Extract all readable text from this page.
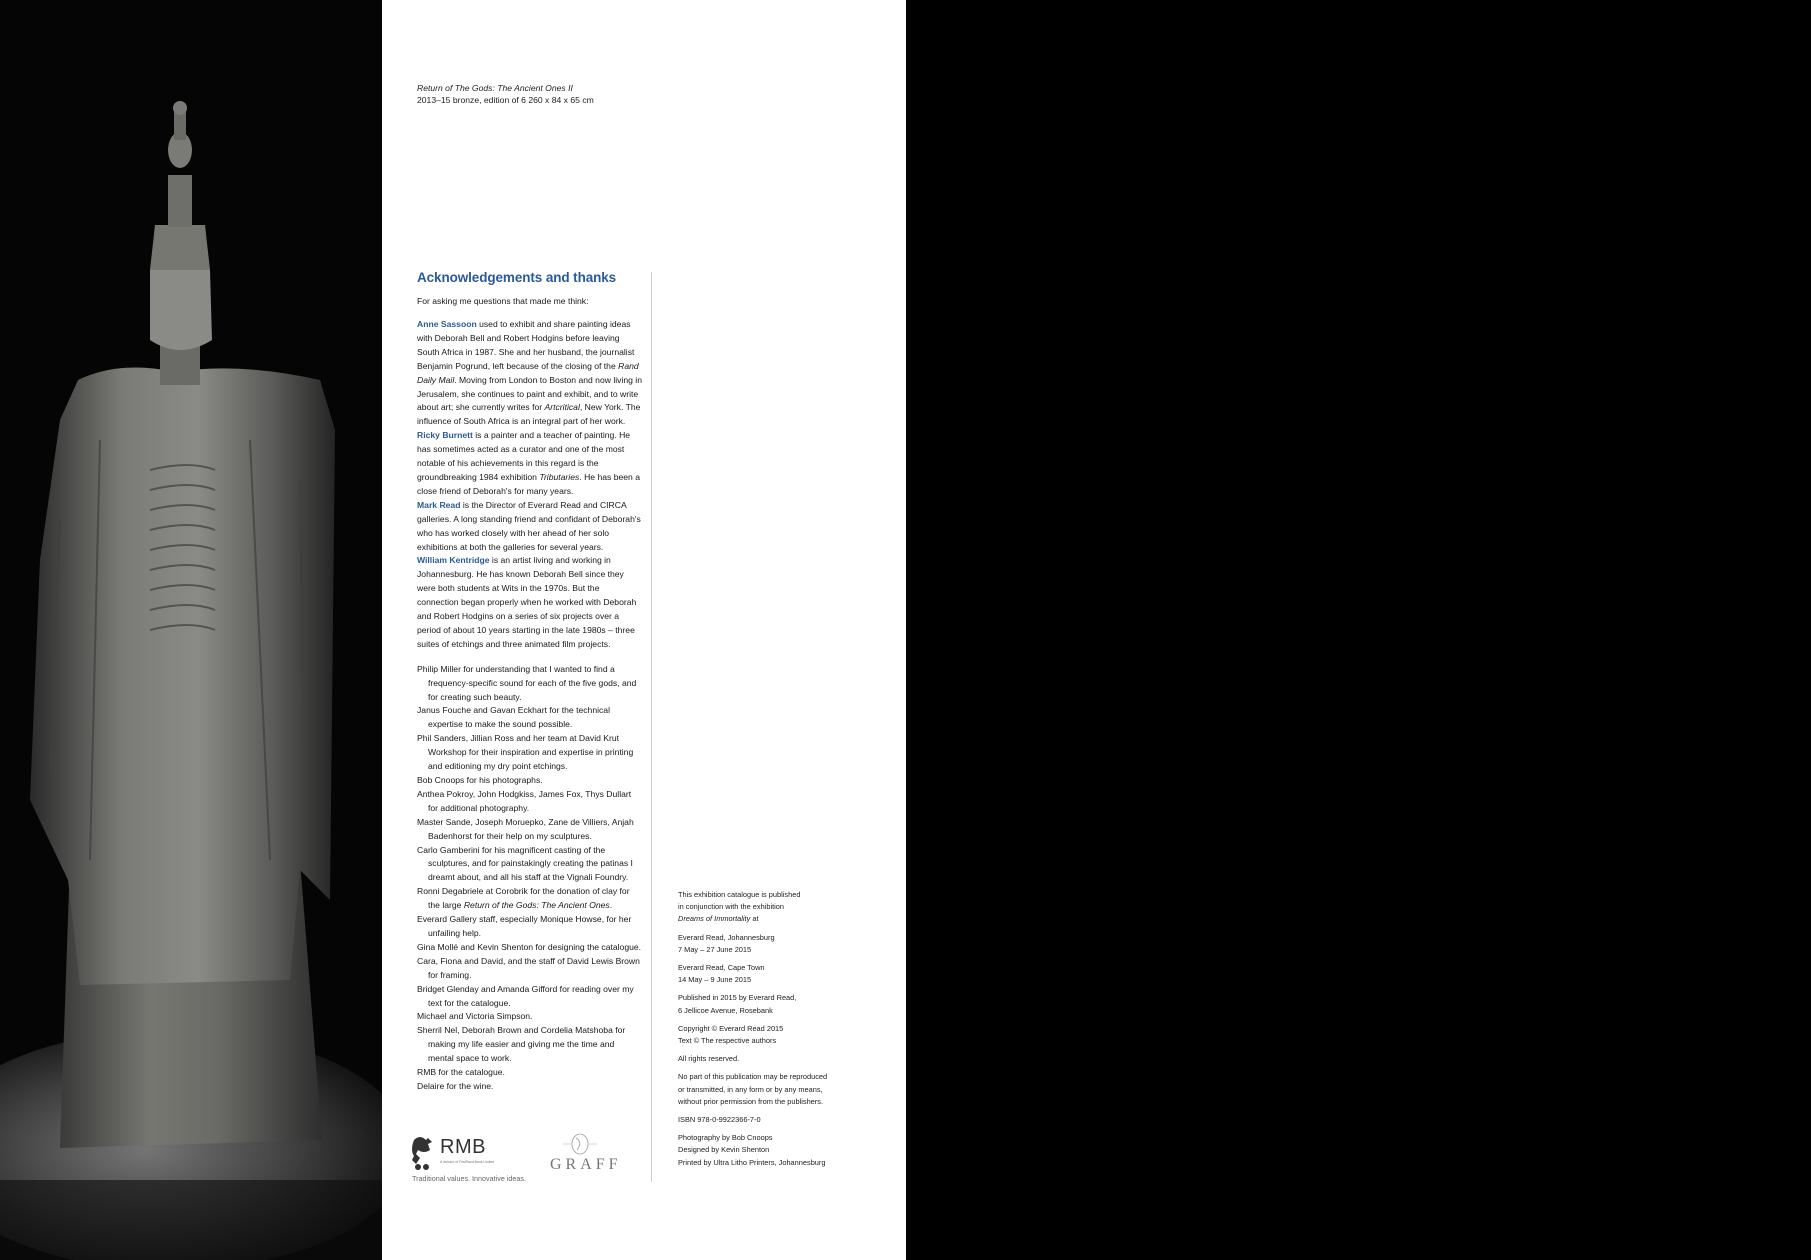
Return of The Gods: The Ancient Ones II
2013–15 bronze, edition of 6 260 x 84 x 65 cm
Acknowledgements and thanks
For asking me questions that made me think:
Anne Sassoon used to exhibit and share painting ideas with Deborah Bell and Robert Hodgins before leaving South Africa in 1987. She and her husband, the journalist Benjamin Pogrund, left because of the closing of the Rand Daily Mail. Moving from London to Boston and now living in Jerusalem, she continues to paint and exhibit, and to write about art; she currently writes for Artcritical, New York. The influence of South Africa is an integral part of her work.
Ricky Burnett is a painter and a teacher of painting. He has sometimes acted as a curator and one of the most notable of his achievements in this regard is the groundbreaking 1984 exhibition Tributaries. He has been a close friend of Deborah's for many years.
Mark Read is the Director of Everard Read and CIRCA galleries. A long standing friend and confidant of Deborah's who has worked closely with her ahead of her solo exhibitions at both the galleries for several years.
William Kentridge is an artist living and working in Johannesburg. He has known Deborah Bell since they were both students at Wits in the 1970s. But the connection began properly when he worked with Deborah and Robert Hodgins on a series of six projects over a period of about 10 years starting in the late 1980s – three suites of etchings and three animated film projects.

Philip Miller for understanding that I wanted to find a frequency-specific sound for each of the five gods, and for creating such beauty.

Janus Fouche and Gavan Eckhart for the technical expertise to make the sound possible.

Phil Sanders, Jillian Ross and her team at David Krut Workshop for their inspiration and expertise in printing and editioning my dry point etchings.

Bob Cnoops for his photographs.

Anthea Pokroy, John Hodgkiss, James Fox, Thys Dullart for additional photography.

Master Sande, Joseph Moruepko, Zane de Villiers, Anjah Badenhorst for their help on my sculptures.

Carlo Gamberini for his magnificent casting of the sculptures, and for painstakingly creating the patinas I dreamt about, and all his staff at the Vignali Foundry.

Ronni Degabriele at Corobrik for the donation of clay for the large Return of the Gods: The Ancient Ones.

Everard Gallery staff, especially Monique Howse, for her unfailing help.

Gina Mollé and Kevin Shenton for designing the catalogue.

Cara, Fiona and David, and the staff of David Lewis Brown for framing.

Bridget Glenday and Amanda Gifford for reading over my text for the catalogue.

Michael and Victoria Simpson.

Sherril Nel, Deborah Brown and Cordelia Matshoba for making my life easier and giving me the time and mental space to work.

RMB for the catalogue.

Delaire for the wine.

This exhibition catalogue is published
in conjunction with the exhibition
Dreams of Immortality at
Everard Read, Johannesburg
7 May – 27 June 2015
Everard Read, Cape Town
14 May – 9 June 2015
Published in 2015 by Everard Read,
6 Jellicoe Avenue, Rosebank
Copyright © Everard Read 2015
Text © The respective authors
All rights reserved.
No part of this publication may be reproduced
or transmitted, in any form or by any means,
without prior permission from the publishers.
ISBN 978-0-9922366-7-0
Photography by Bob Cnoops
Designed by Kevin Shenton
Printed by Ultra Litho Printers, Johannesburg
RMB
A division of FirstRand Bank Limited
Traditional values. Innovative ideas.
GRAFF
